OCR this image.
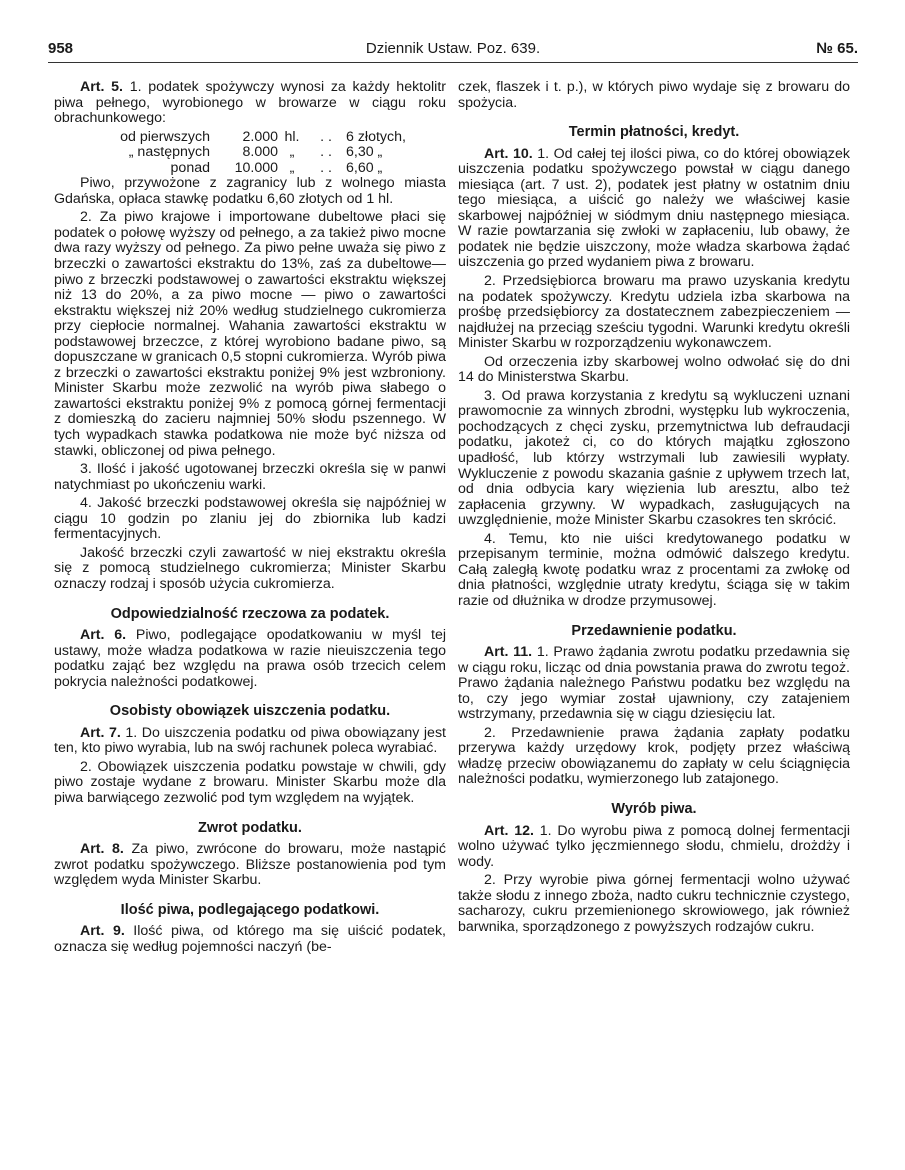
Dziennik Ustaw. Poz. 639.
958	№ 65.

Art. 5. 1. podatek spożywczy wynosi za każdy hektolitr piwa pełnego, wyrobionego w browarze w ciągu roku obrachunkowego:

od pierwszych	2.000 hl.	. . 6 złotych,
„ następnych	8.000 „	. . 6,30 „
ponad	10.000 „	. . 6,60 „

Piwo, przywożone z zagranicy lub z wolnego miasta Gdańska, opłaca stawkę podatku 6,60 złotych od 1 hl.

2. Za piwo krajowe i importowane dubeltowe płaci się podatek o połowę wyższy od pełnego, a za takież piwo mocne dwa razy wyższy od pełnego. Za piwo pełne uważa się piwo z brzeczki o zawartości ekstraktu do 13%, zaś za dubeltowe—piwo z brzeczki podstawowej o zawartości ekstraktu większej niż 13 do 20%, a za piwo mocne — piwo o zawartości ekstraktu większej niż 20% według studzielnego cukromierza przy ciepłocie normalnej. Wahania zawartości ekstraktu w podstawowej brzeczce, z której wyrobiono badane piwo, są dopuszczane w granicach 0,5 stopni cukromierza. Wyrób piwa z brzeczki o zawartości ekstraktu poniżej 9% jest wzbroniony. Minister Skarbu może zezwolić na wyrób piwa słabego o zawartości ekstraktu poniżej 9% z pomocą górnej fermentacji z domieszką do zacieru najmniej 50% słodu pszennego. W tych wypadkach stawka podatkowa nie może być niższa od stawki, obliczonej od piwa pełnego.

3. Ilość i jakość ugotowanej brzeczki określa się w panwi natychmiast po ukończeniu warki.

4. Jakość brzeczki podstawowej określa się najpóźniej w ciągu 10 godzin po zlaniu jej do zbiornika lub kadzi fermentacyjnych.

Jakość brzeczki czyli zawartość w niej ekstraktu określa się z pomocą studzielnego cukromierza; Minister Skarbu oznaczy rodzaj i sposób użycia cukromierza.

Odpowiedzialność rzeczowa za podatek.

Art. 6. Piwo, podlegające opodatkowaniu w myśl tej ustawy, może władza podatkowa w razie nieuiszczenia tego podatku zająć bez względu na prawa osób trzecich celem pokrycia należności podatkowej.

Osobisty obowiązek uiszczenia podatku.

Art. 7. 1. Do uiszczenia podatku od piwa obowiązany jest ten, kto piwo wyrabia, lub na swój rachunek poleca wyrabiać.

2. Obowiązek uiszczenia podatku powstaje w chwili, gdy piwo zostaje wydane z browaru. Minister Skarbu może dla piwa barwiącego zezwolić pod tym względem na wyjątek.

Zwrot podatku.

Art. 8. Za piwo, zwrócone do browaru, może nastąpić zwrot podatku spożywczego. Bliższe postanowienia pod tym względem wyda Minister Skarbu.

Ilość piwa, podlegającego podatkowi.

Art. 9. Ilość piwa, od którego ma się uiścić podatek, oznacza się według pojemności naczyń (be-

czek, flaszek i t. p.), w których piwo wydaje się z browaru do spożycia.

Termin płatności, kredyt.

Art. 10. 1. Od całej tej ilości piwa, co do której obowiązek uiszczenia podatku spożywczego powstał w ciągu danego miesiąca (art. 7 ust. 2), podatek jest płatny w ostatnim dniu tego miesiąca, a uiścić go należy we właściwej kasie skarbowej najpóźniej w siódmym dniu następnego miesiąca. W razie powtarzania się zwłoki w zapłaceniu, lub obawy, że podatek nie będzie uiszczony, może władza skarbowa żądać uiszczenia go przed wydaniem piwa z browaru.

2. Przedsiębiorca browaru ma prawo uzyskania kredytu na podatek spożywczy. Kredytu udziela izba skarbowa na prośbę przedsiębiorcy za dostatecznem zabezpieczeniem — najdłużej na przeciąg sześciu tygodni. Warunki kredytu określi Minister Skarbu w rozporządzeniu wykonawczem.

Od orzeczenia izby skarbowej wolno odwołać się do dni 14 do Ministerstwa Skarbu.

3. Od prawa korzystania z kredytu są wykluczeni uznani prawomocnie za winnych zbrodni, występku lub wykroczenia, pochodzących z chęci zysku, przemytnictwa lub defraudacji podatku, jakoteż ci, co do których majątku zgłoszono upadłość, lub którzy wstrzymali lub zawiesili wypłaty. Wykluczenie z powodu skazania gaśnie z upływem trzech lat, od dnia odbycia kary więzienia lub aresztu, albo też zapłacenia grzywny. W wypadkach, zasługujących na uwzględnienie, może Minister Skarbu czasokres ten skrócić.

4. Temu, kto nie uiści kredytowanego podatku w przepisanym terminie, można odmówić dalszego kredytu. Całą zaległą kwotę podatku wraz z procentami za zwłokę od dnia płatności, względnie utraty kredytu, ściąga się w takim razie od dłużnika w drodze przymusowej.

Przedawnienie podatku.

Art. 11. 1. Prawo żądania zwrotu podatku przedawnia się w ciągu roku, licząc od dnia powstania prawa do zwrotu tegoż. Prawo żądania należnego Państwu podatku bez względu na to, czy jego wymiar został ujawniony, czy zatajeniem wstrzymany, przedawnia się w ciągu dziesięciu lat.

2. Przedawnienie prawa żądania zapłaty podatku przerywa każdy urzędowy krok, podjęty przez właściwą władzę przeciw obowiązanemu do zapłaty w celu ściągnięcia należności podatku, wymierzonego lub zatajonego.

Wyrób piwa.

Art. 12. 1. Do wyrobu piwa z pomocą dolnej fermentacji wolno używać tylko jęczmiennego słodu, chmielu, drożdży i wody.

2. Przy wyrobie piwa górnej fermentacji wolno używać także słodu z innego zboża, nadto cukru technicznie czystego, sacharozy, cukru przemienionego skrowiowego, jak również barwnika, sporządzonego z powyższych rodzajów cukru.
